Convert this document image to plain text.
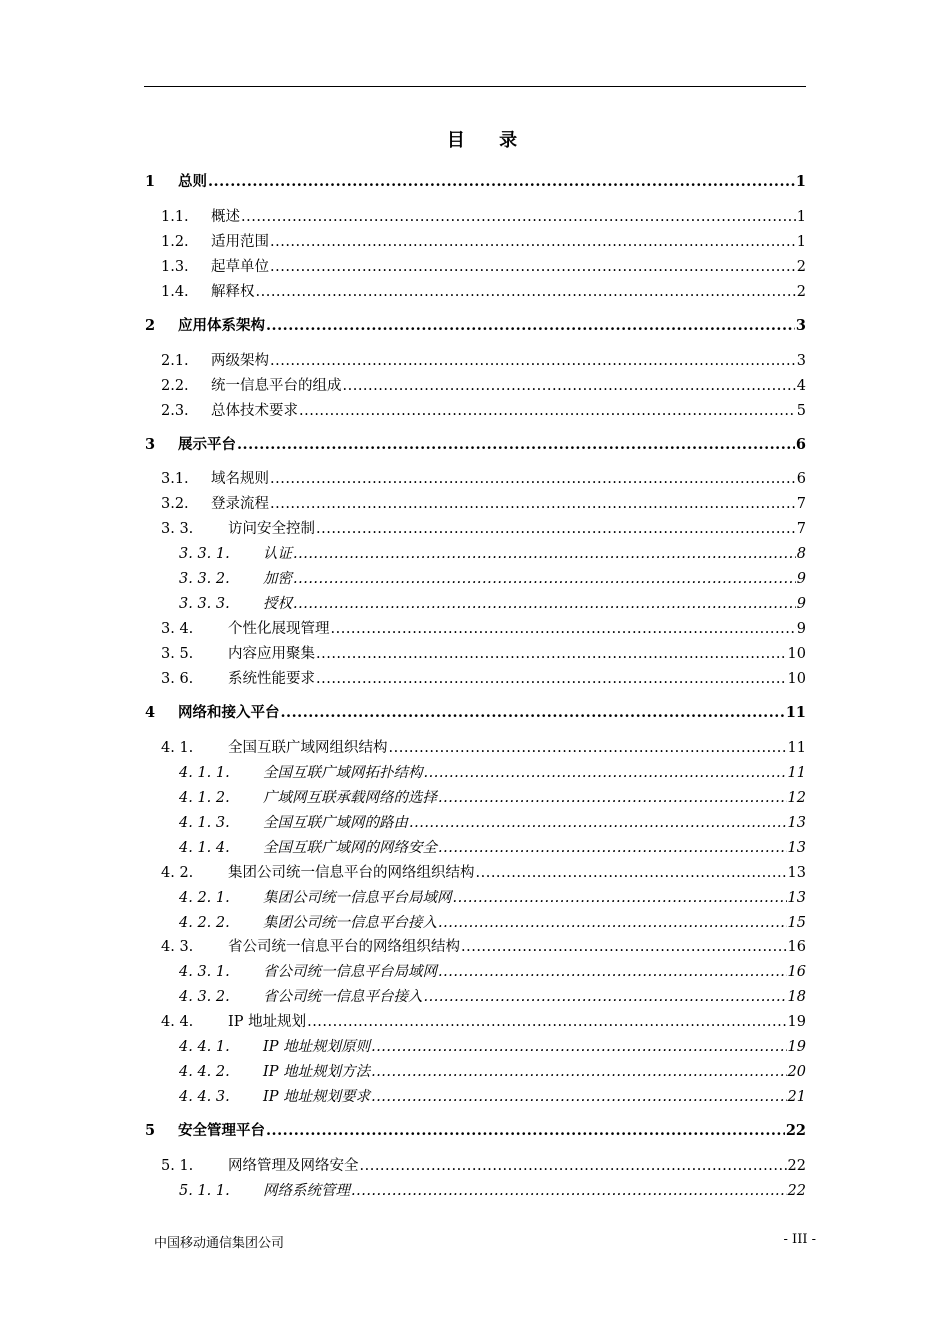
目 录
1	总则 .....	1
1.1.	概述 .....	1
1.2.	适用范围 .....	1
1.3.	起草单位 .....	2
1.4.	解释权 .....	2
2	应用体系架构 .....	3
2.1.	两级架构 .....	3
2.2.	统一信息平台的组成 .....	4
2.3.	总体技术要求 .....	5
3	展示平台 .....	6
3.1.	域名规则 .....	6
3.2.	登录流程 .....	7
3. 3.	访问安全控制 .....	7
3. 3. 1.	认证 .....	8
3. 3. 2.	加密 .....	9
3. 3. 3.	授权 .....	9
3. 4.	个性化展现管理 .....	9
3. 5.	内容应用聚集 .....	10
3. 6.	系统性能要求 .....	10
4	网络和接入平台 .....	11
4. 1.	全国互联广域网组织结构 .....	11
4. 1. 1.	全国互联广域网拓扑结构 .....	11
4. 1. 2.	广域网互联承载网络的选择 .....	12
4. 1. 3.	全国互联广域网的路由 .....	13
4. 1. 4.	全国互联广域网的网络安全 .....	13
4. 2.	集团公司统一信息平台的网络组织结构 .....	13
4. 2. 1.	集团公司统一信息平台局域网 .....	13
4. 2. 2.	集团公司统一信息平台接入 .....	15
4. 3.	省公司统一信息平台的网络组织结构 .....	16
4. 3. 1.	省公司统一信息平台局域网 .....	16
4. 3. 2.	省公司统一信息平台接入 .....	18
4. 4.	IP 地址规划 .....	19
4. 4. 1.	IP 地址规划原则 .....	19
4. 4. 2.	IP 地址规划方法 .....	20
4. 4. 3.	IP 地址规划要求 .....	21
5	安全管理平台 .....	22
5. 1.	网络管理及网络安全 .....	22
5. 1. 1.	网络系统管理 .....	22
中国移动通信集团公司	- III -
